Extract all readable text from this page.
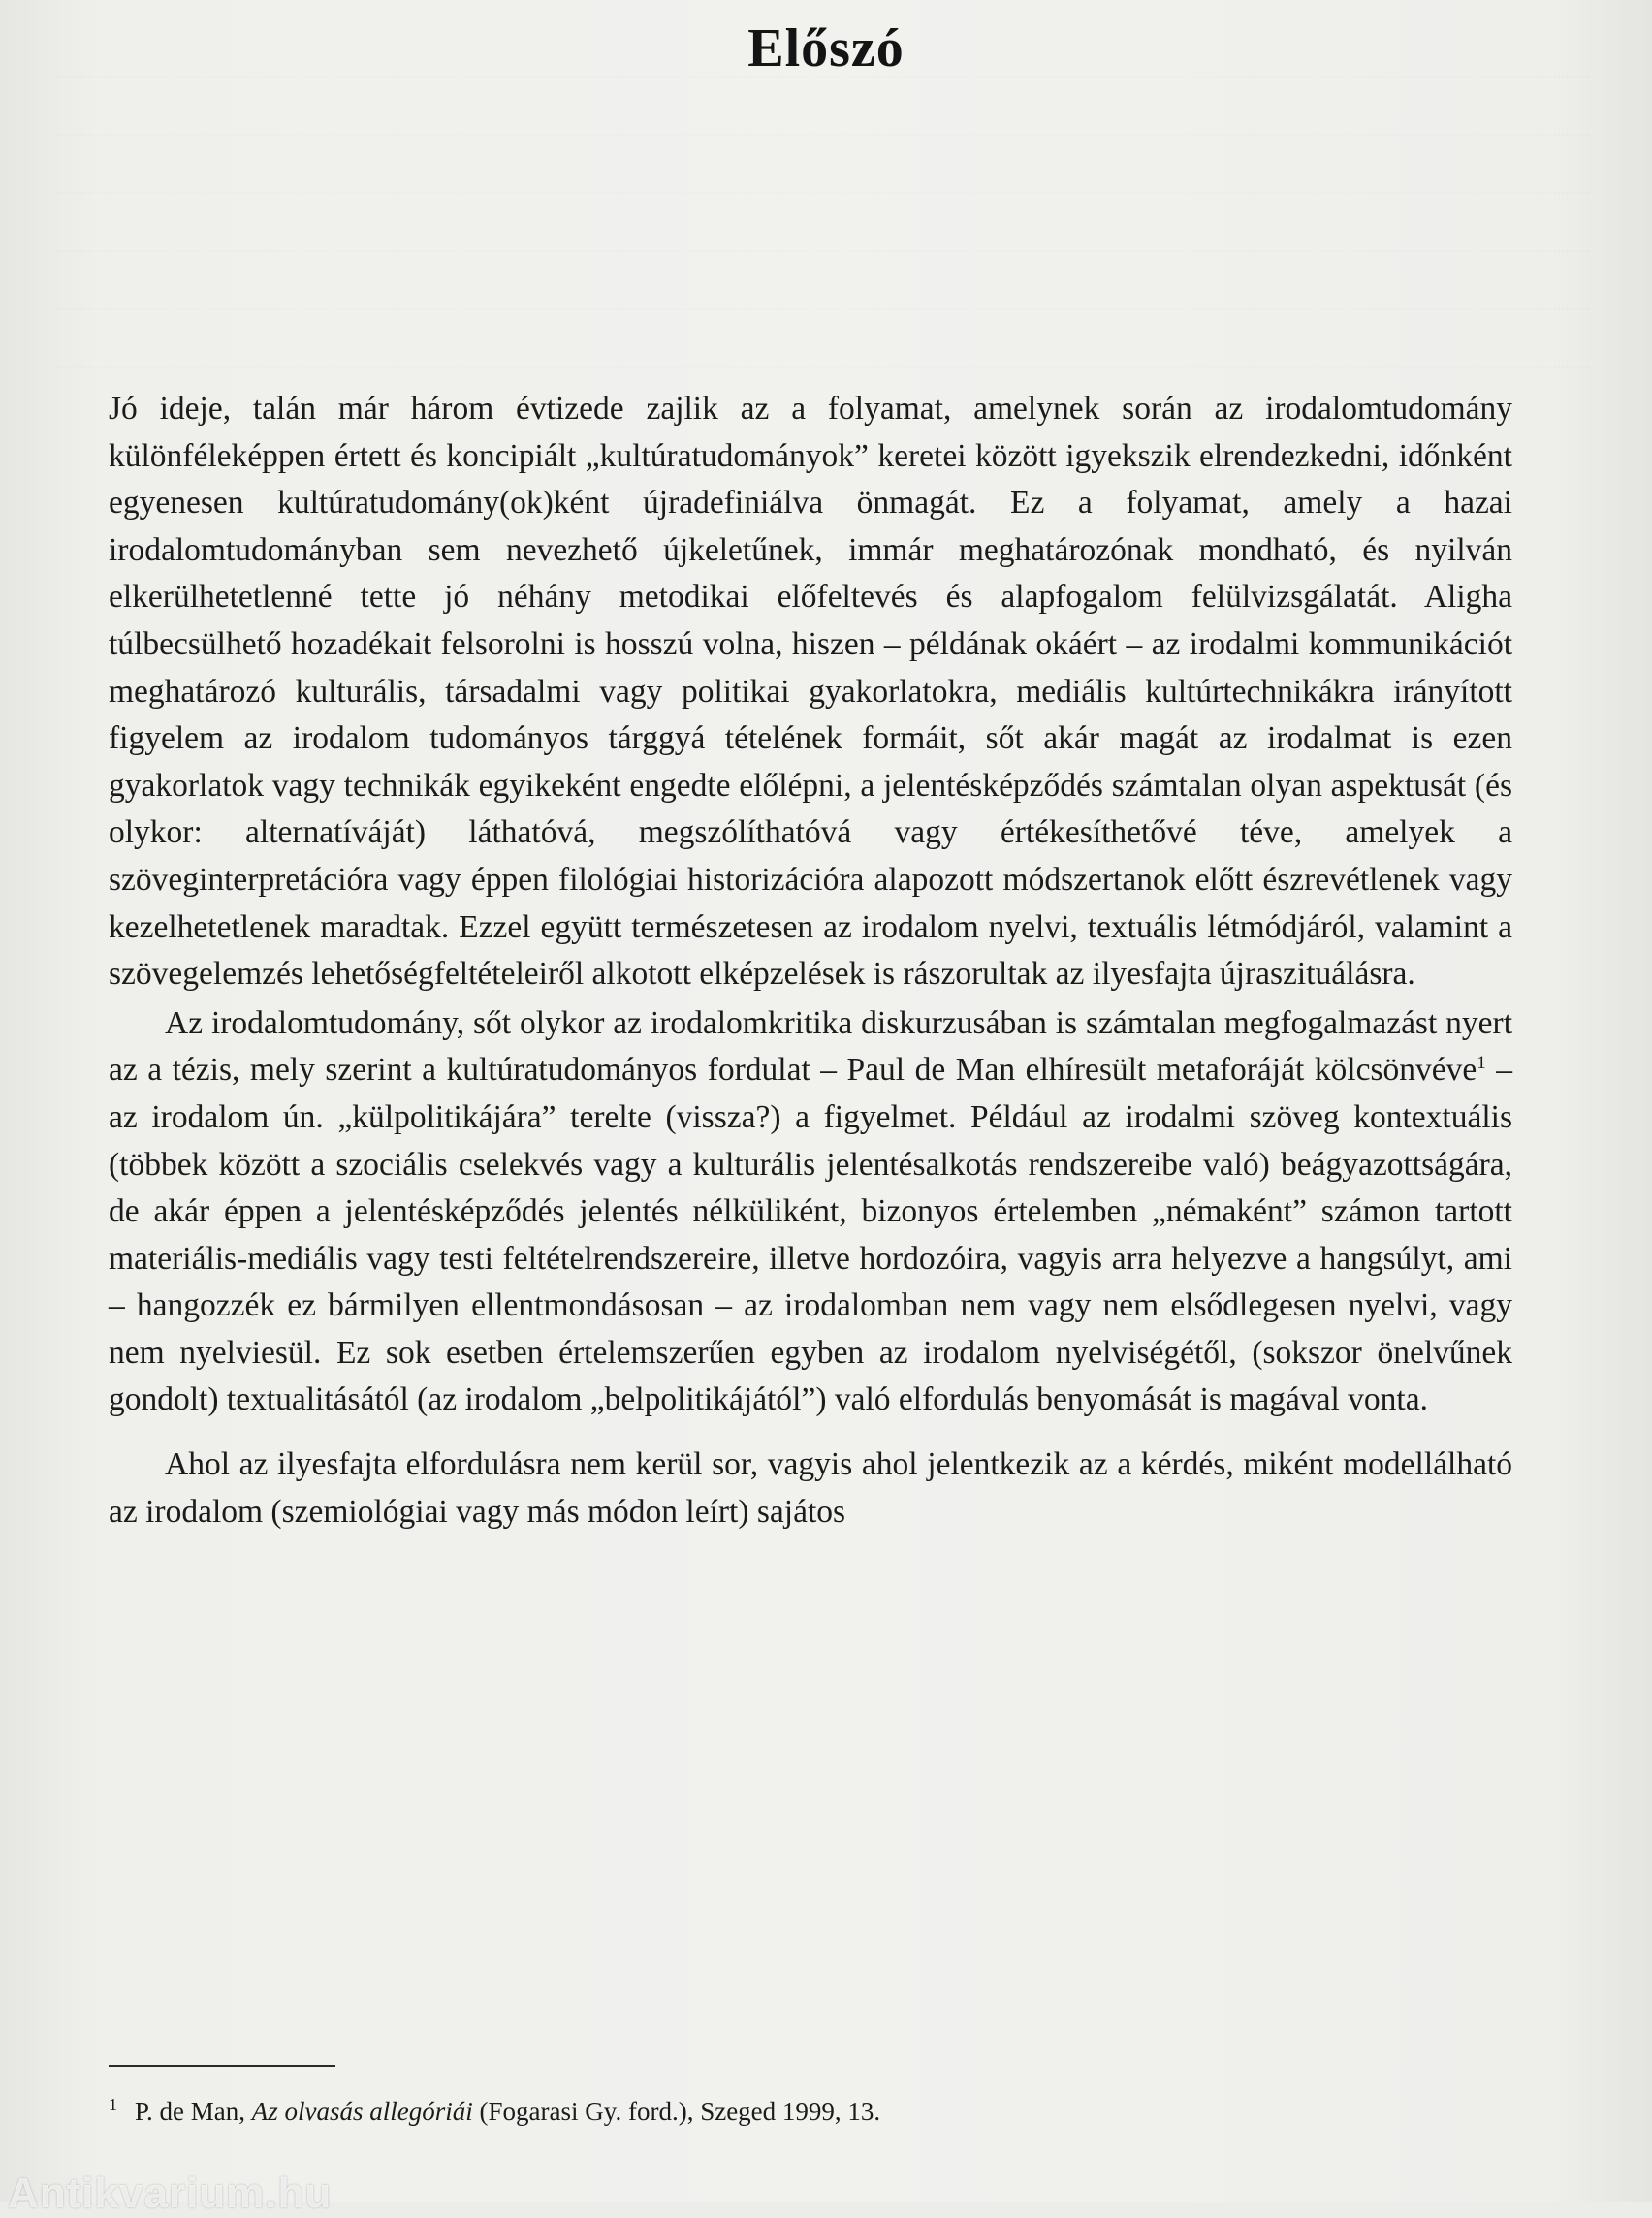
Előszó

Jó ideje, talán már három évtizede zajlik az a folyamat, amelynek során az irodalomtudomány különféleképpen értett és koncipiált „kultúratudományok” keretei között igyekszik elrendezkedni, időnként egyenesen kultúratudomány(ok)ként újradefiniálva önmagát. Ez a folyamat, amely a hazai irodalomtudományban sem nevezhető újkeletűnek, immár meghatározónak mondható, és nyilván elkerülhetetlenné tette jó néhány metodikai előfeltevés és alapfogalom felülvizsgálatát. Aligha túlbecsülhető hozadékait felsorolni is hosszú volna, hiszen – példának okáért – az irodalmi kommunikációt meghatározó kulturális, társadalmi vagy politikai gyakorlatokra, mediális kultúrtechnikákra irányított figyelem az irodalom tudományos tárggyá tételének formáit, sőt akár magát az irodalmat is ezen gyakorlatok vagy technikák egyikeként engedte előlépni, a jelentésképződés számtalan olyan aspektusát (és olykor: alternatíváját) láthatóvá, megszólíthatóvá vagy értékesíthetővé téve, amelyek a szöveginterpretációra vagy éppen filológiai historizációra alapozott módszertanok előtt észrevétlenek vagy kezelhetetlenek maradtak. Ezzel együtt természetesen az irodalom nyelvi, textuális létmódjáról, valamint a szövegelemzés lehetőségfeltételeiről alkotott elképzelések is rászorultak az ilyesfajta újraszituálásra.

Az irodalomtudomány, sőt olykor az irodalomkritika diskurzusában is számtalan megfogalmazást nyert az a tézis, mely szerint a kultúratudományos fordulat – Paul de Man elhíresült metaforáját kölcsönvéve$^1$ – az irodalom ún. „külpolitikájára” terelte (vissza?) a figyelmet. Például az irodalmi szöveg kontextuális (többek között a szociális cselekvés vagy a kulturális jelentésalkotás rendszereibe való) beágyazottságára, de akár éppen a jelentésképződés jelentés nélküliként, bizonyos értelemben „némaként” számon tartott materiális-mediális vagy testi feltételrendszereire, illetve hordozóira, vagyis arra helyezve a hangsúlyt, ami – hangozzék ez bármilyen ellentmondásosan – az irodalomban nem vagy nem elsődlegesen nyelvi, vagy nem nyelviesül. Ez sok esetben értelemszerűen egyben az irodalom nyelviségétől, (sokszor önelvűnek gondolt) textualitásától (az irodalom „belpolitikájától”) való elfordulás benyomását is magával vonta.

Ahol az ilyesfajta elfordulásra nem kerül sor, vagyis ahol jelentkezik az a kérdés, miként modellálható az irodalom (szemiológiai vagy más módon leírt) sajátos

$^1$ P. de Man, Az olvasás allegóriái (Fogarasi Gy. ford.), Szeged 1999, 13.
Antikvarium.hu
